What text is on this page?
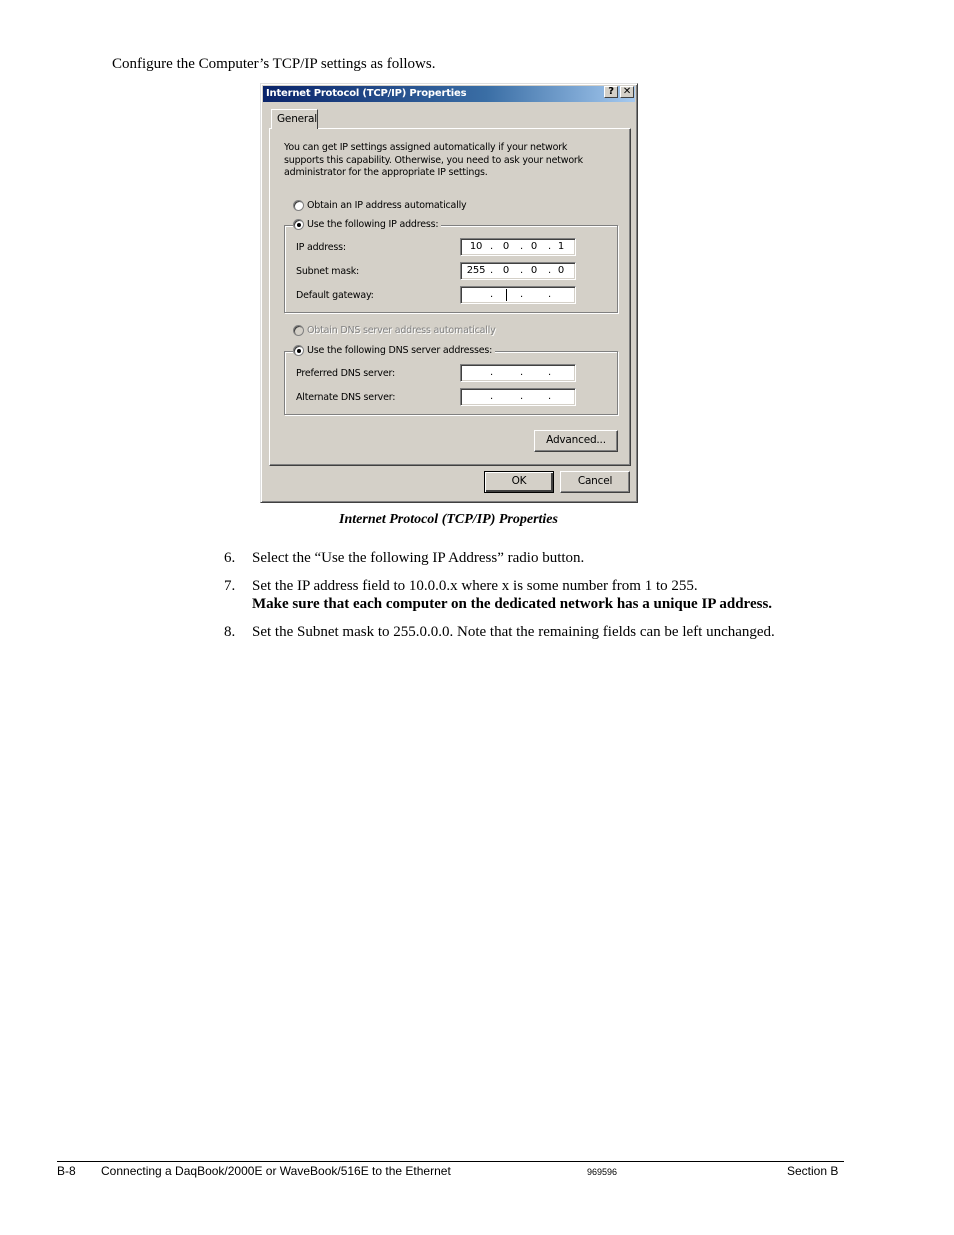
Configure the Computer’s TCP/IP settings as follows.
Internet Protocol (TCP/IP) Properties	? ✕
General
You can get IP settings assigned automatically if your network supports this capability. Otherwise, you need to ask your network administrator for the appropriate IP settings.
Obtain an IP address automatically
IP address:	10 . 0	. 0	. 1
Subnet mask:	255 . 0	. 0	. 0
Default gateway:	.	.	.
Use the following IP address:
Obtain DNS server address automatically
Preferred DNS server:	.	.	.
Alternate DNS server:	.	.	.
Use the following DNS server addresses:
Advanced...
OK	Cancel
Internet Protocol (TCP/IP) Properties
6.	Select the “Use the following IP Address” radio button.
7.	Set the IP address field to 10.0.0.x where x is some number from 1 to 255.
Make sure that each computer on the dedicated network has a unique IP address.
8.	Set the Subnet mask to 255.0.0.0. Note that the remaining fields can be left unchanged.
B-8 Connecting a DaqBook/2000E or WaveBook/516E to the Ethernet	969596	Section B
